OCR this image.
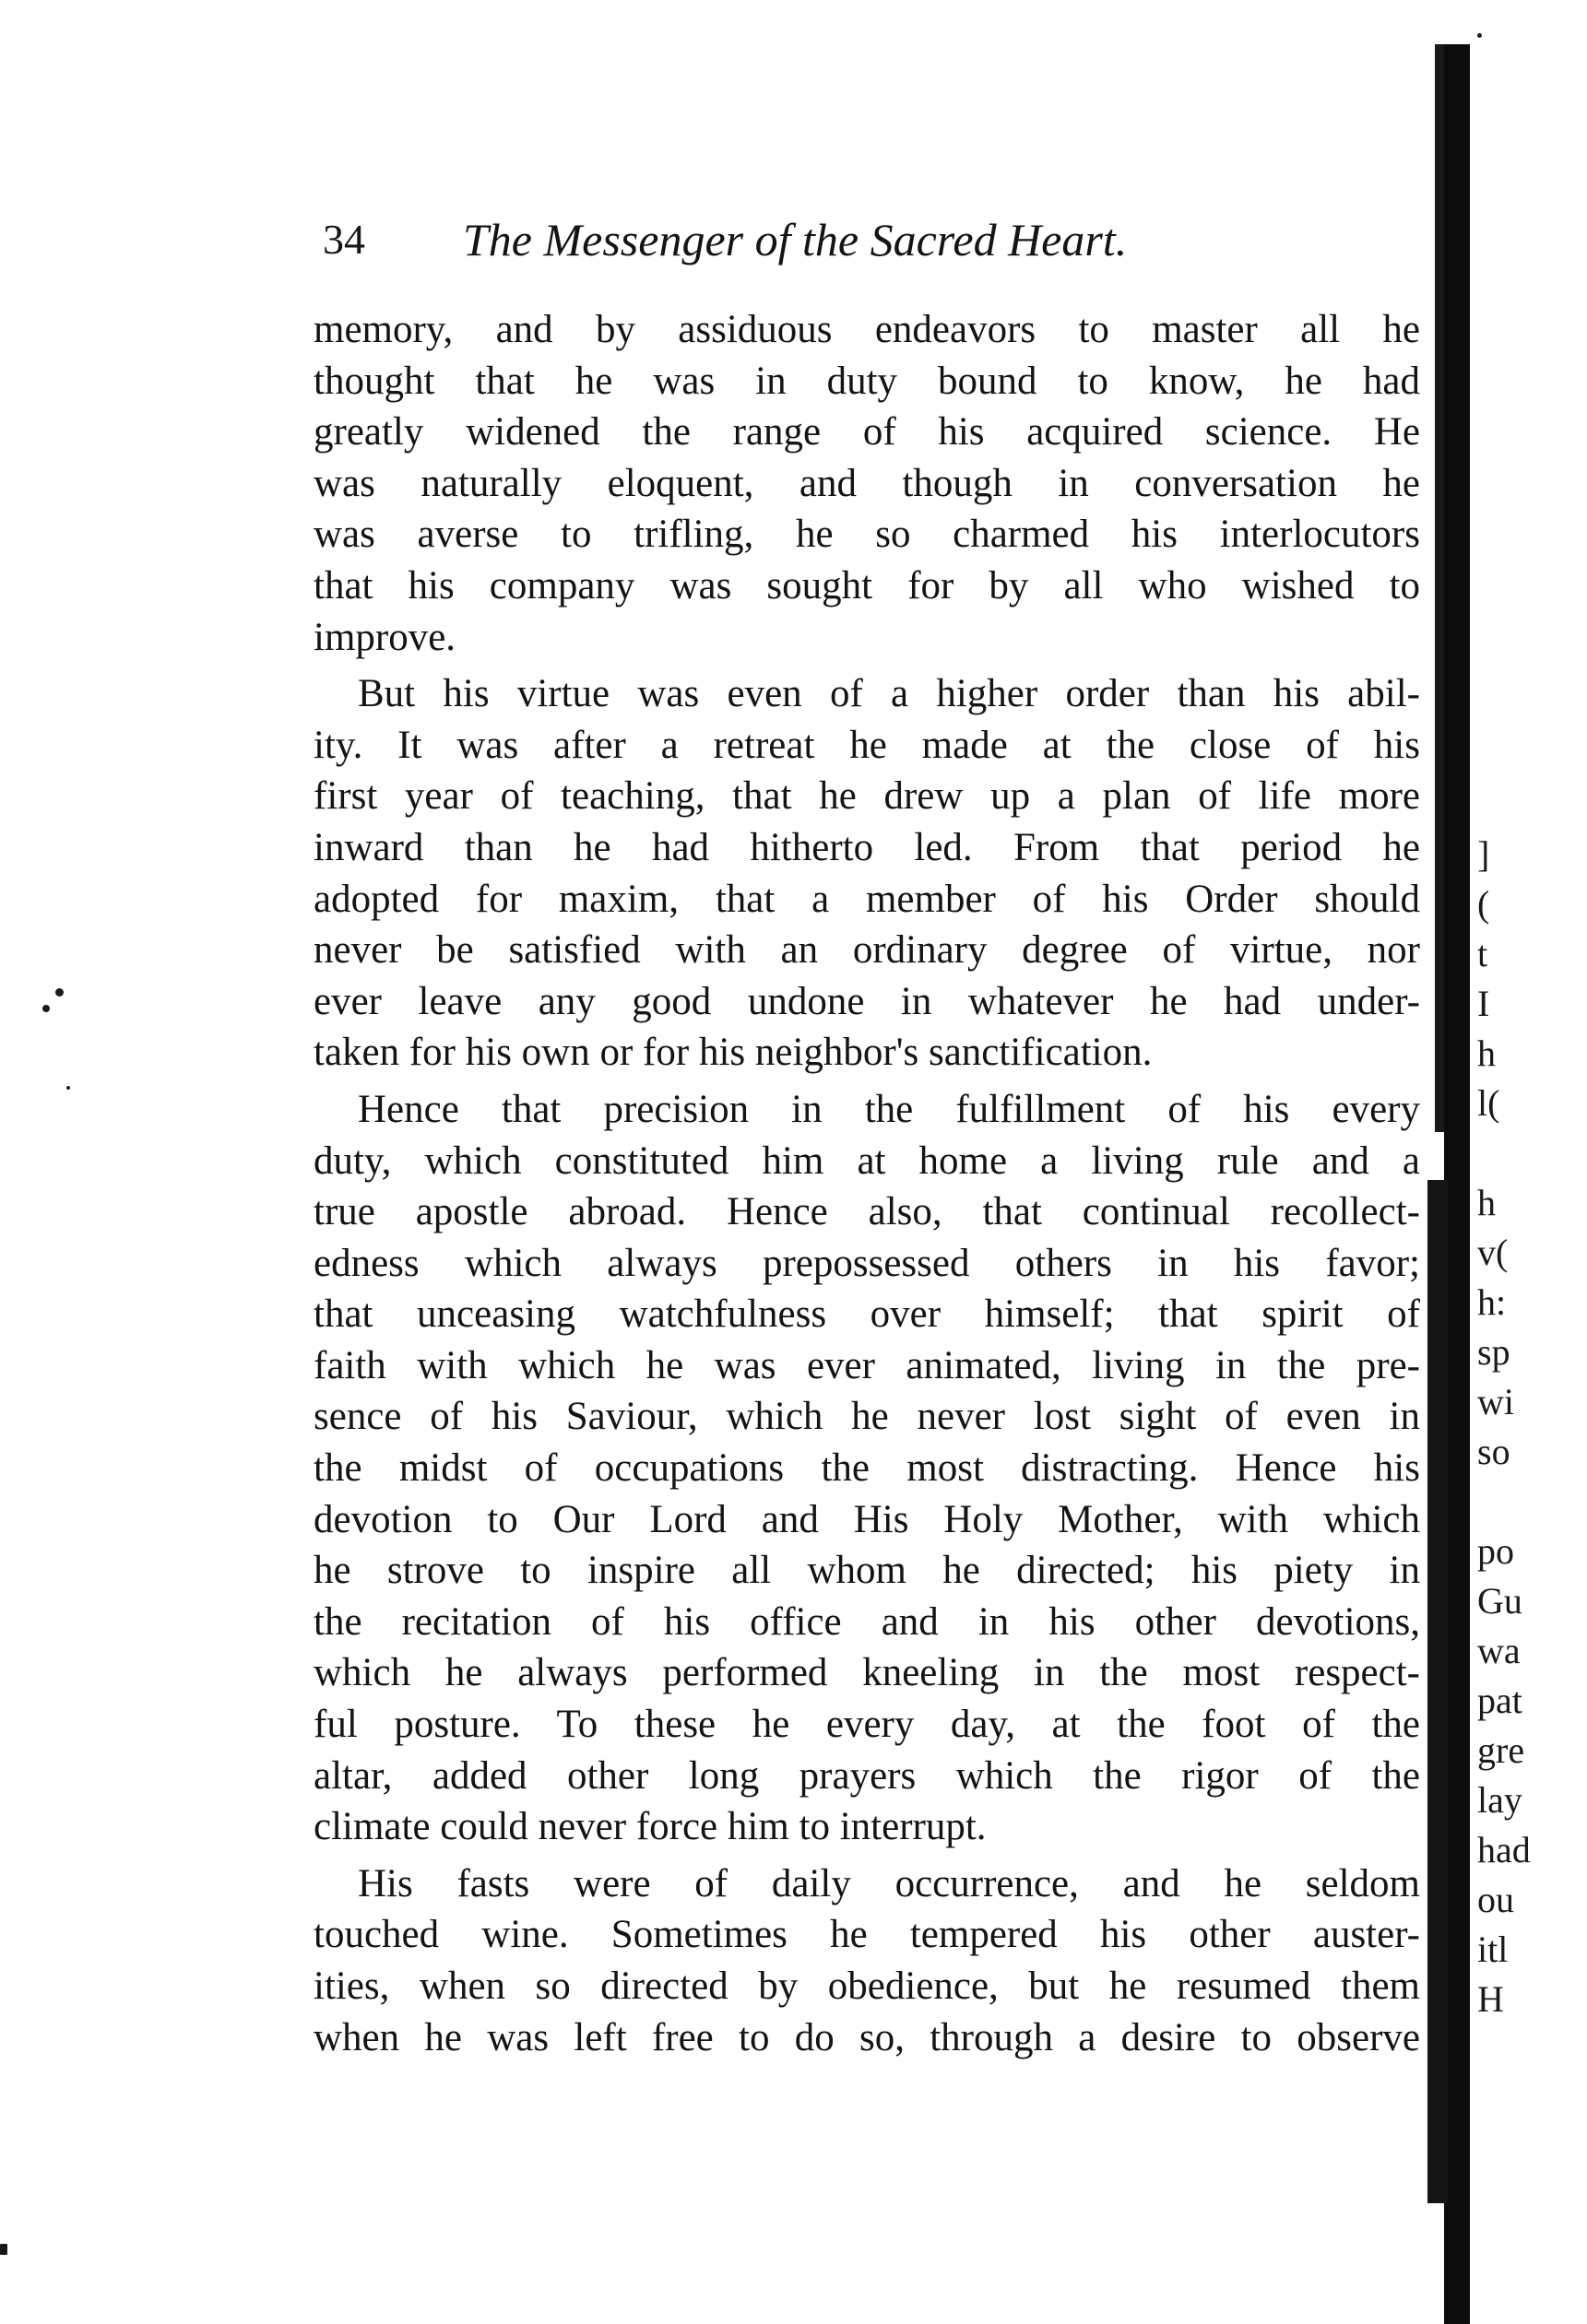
34 The Messenger of the Sacred Heart.
memory, and by assiduous endeavors to master all he
thought that he was in duty bound to know, he had
greatly widened the range of his acquired science. He
was naturally eloquent, and though in conversation he
was averse to trifling, he so charmed his interlocutors
that his company was sought for by all who wished to
improve.
But his virtue was even of a higher order than his abil-
ity. It was after a retreat he made at the close of his
first year of teaching, that he drew up a plan of life more
inward than he had hitherto led. From that period he
adopted for maxim, that a member of his Order should
never be satisfied with an ordinary degree of virtue, nor
ever leave any good undone in whatever he had under-
taken for his own or for his neighbor's sanctification.
Hence that precision in the fulfillment of his every
duty, which constituted him at home a living rule and a
true apostle abroad. Hence also, that continual recollect-
edness which always prepossessed others in his favor;
that unceasing watchfulness over himself; that spirit of
faith with which he was ever animated, living in the pre-
sence of his Saviour, which he never lost sight of even in
the midst of occupations the most distracting. Hence his
devotion to Our Lord and His Holy Mother, with which
he strove to inspire all whom he directed; his piety in
the recitation of his office and in his other devotions,
which he always performed kneeling in the most respect-
ful posture. To these he every day, at the foot of the
altar, added other long prayers which the rigor of the
climate could never force him to interrupt.
His fasts were of daily occurrence, and he seldom
touched wine. Sometimes he tempered his other auster-
ities, when so directed by obedience, but he resumed them
when he was left free to do so, through a desire to observe
]
(
t
I
h
l(
h
v(
h:
sp
wi
so
po
Gu
wa
pat
gre
lay
had
ou
itl
H
